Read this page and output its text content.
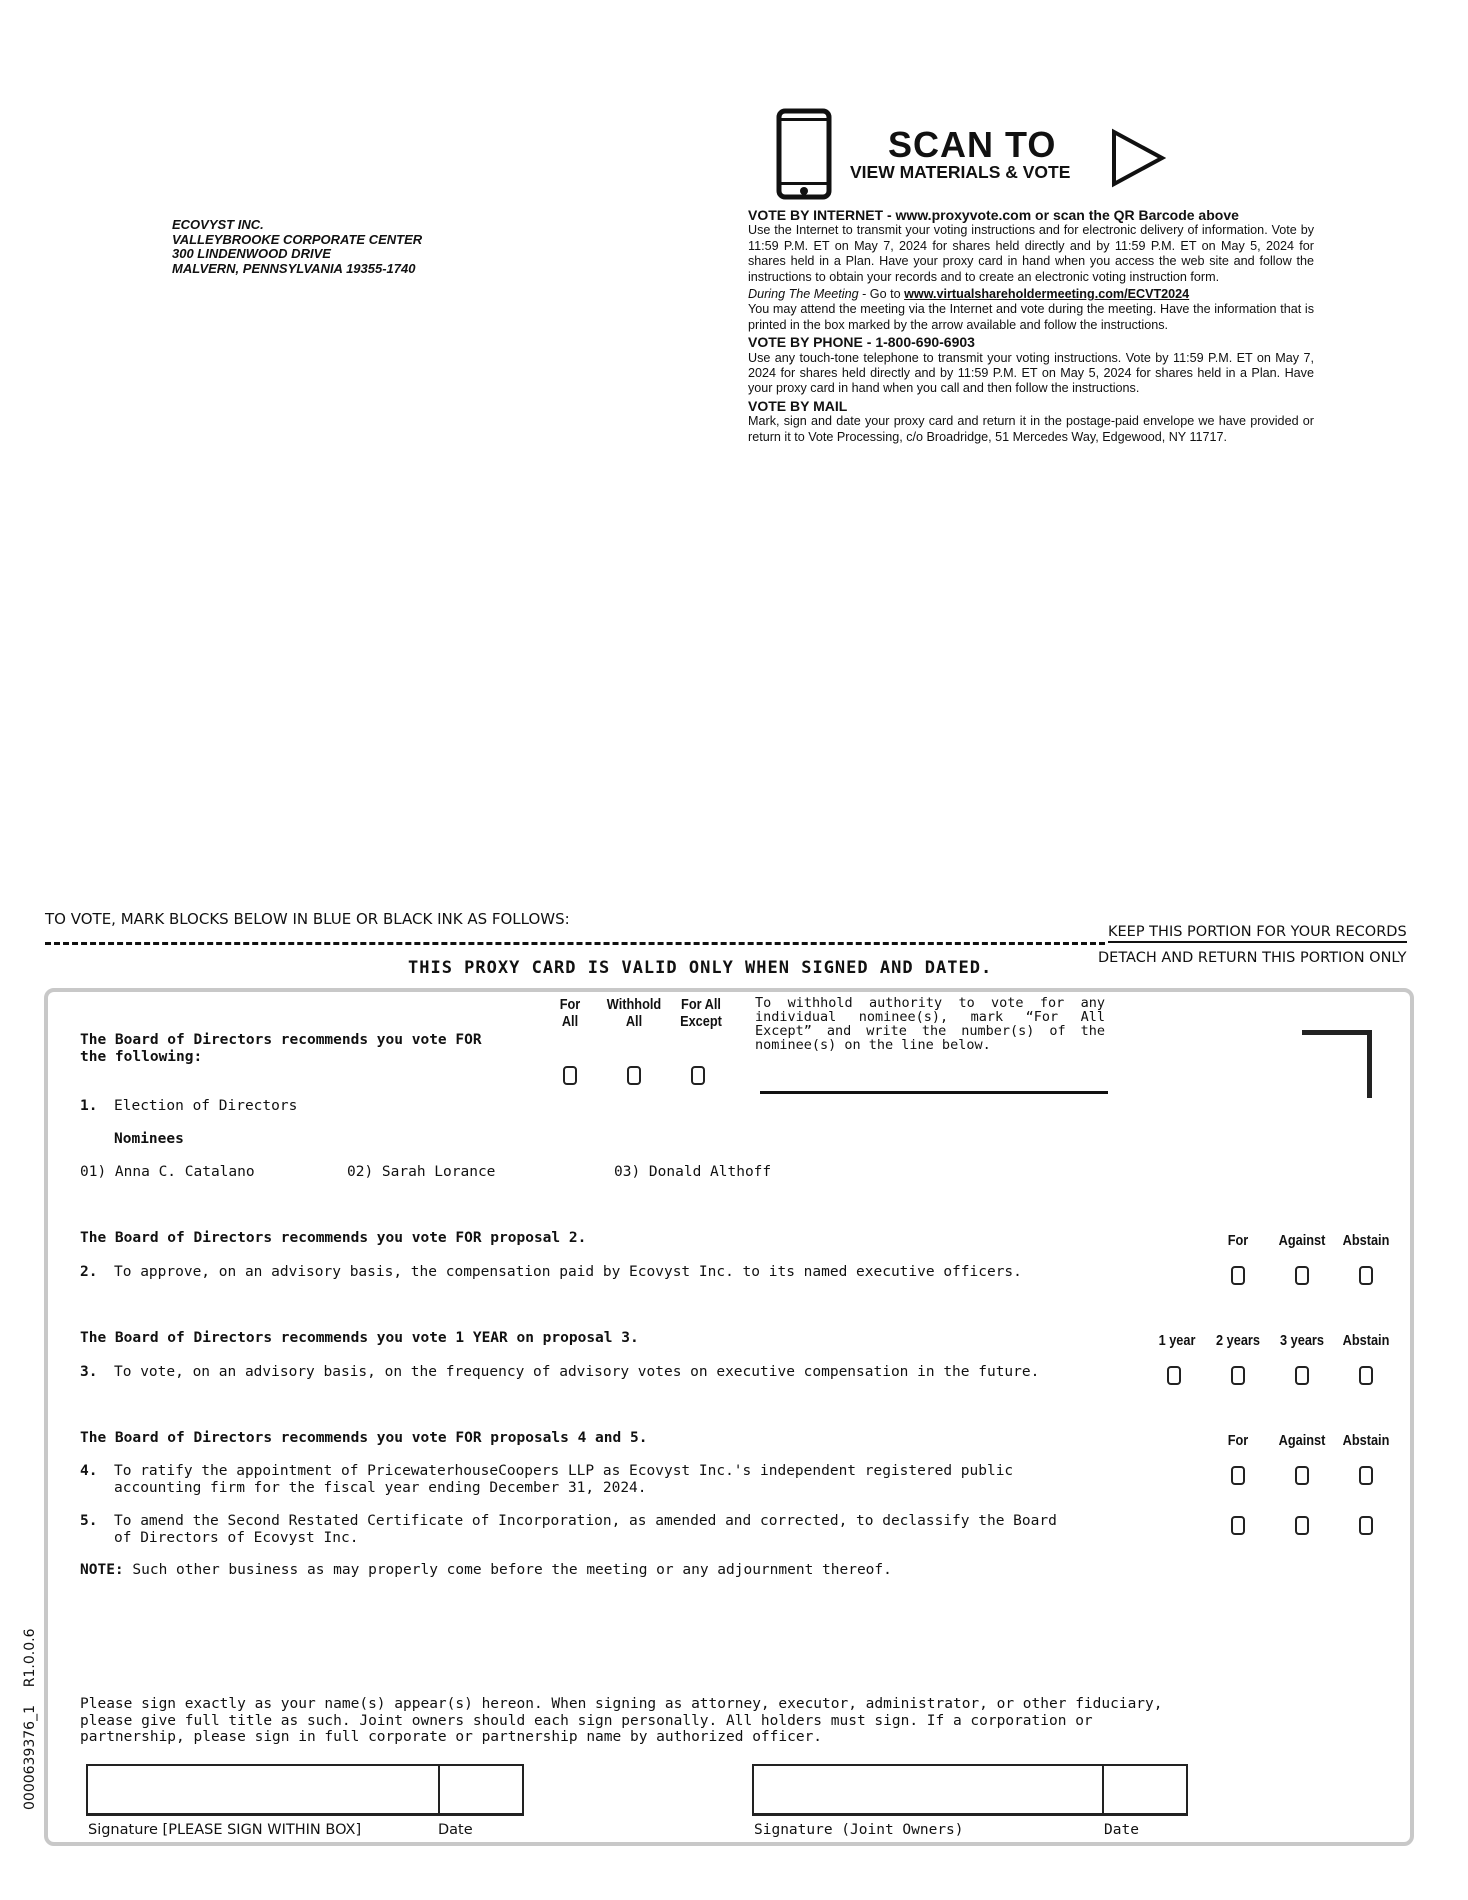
ECOVYST INC.
VALLEYBROOKE CORPORATE CENTER
300 LINDENWOOD DRIVE
MALVERN, PENNSYLVANIA 19355-1740
SCAN TO
VIEW MATERIALS & VOTE
VOTE BY INTERNET - www.proxyvote.com or scan the QR Barcode above

Use the Internet to transmit your voting instructions and for electronic delivery of information. Vote by 11:59 P.M. ET on May 7, 2024 for shares held directly and by 11:59 P.M. ET on May 5, 2024 for shares held in a Plan. Have your proxy card in hand when you access the web site and follow the instructions to obtain your records and to create an electronic voting instruction form.

During The Meeting - Go to www.virtualshareholdermeeting.com/ECVT2024

You may attend the meeting via the Internet and vote during the meeting. Have the information that is printed in the box marked by the arrow available and follow the instructions.

VOTE BY PHONE - 1-800-690-6903

Use any touch-tone telephone to transmit your voting instructions. Vote by 11:59 P.M. ET on May 7, 2024 for shares held directly and by 11:59 P.M. ET on May 5, 2024 for shares held in a Plan. Have your proxy card in hand when you call and then follow the instructions.

VOTE BY MAIL

Mark, sign and date your proxy card and return it in the postage-paid envelope we have provided or return it to Vote Processing, c/o Broadridge, 51 Mercedes Way, Edgewood, NY 11717.

TO VOTE, MARK BLOCKS BELOW IN BLUE OR BLACK INK AS FOLLOWS:
KEEP THIS PORTION FOR YOUR RECORDS
DETACH AND RETURN THIS PORTION ONLY
THIS PROXY CARD IS VALID ONLY WHEN SIGNED AND DATED.
The Board of Directors recommends you vote FOR the following:
For All
Withhold All
For All Except
To withhold authority to vote for any individual nominee(s), mark “For All Except” and write the number(s) of the nominee(s) on the line below.
1. Election of Directors
Nominees
01) Anna C. Catalano	02) Sarah Lorance	03) Donald Althoff
The Board of Directors recommends you vote FOR proposal 2.	For	Against Abstain
2. To approve, on an advisory basis, the compensation paid by Ecovyst Inc. to its named executive officers.
The Board of Directors recommends you vote 1 YEAR on proposal 3.	1 year	2 years	3 years	Abstain
3. To vote, on an advisory basis, on the frequency of advisory votes on executive compensation in the future.
The Board of Directors recommends you vote FOR proposals 4 and 5.	For	Against Abstain
4. To ratify the appointment of PricewaterhouseCoopers LLP as Ecovyst Inc.'s independent registered public
accounting firm for the fiscal year ending December 31, 2024.
5. To amend the Second Restated Certificate of Incorporation, as amended and corrected, to declassify the Board
of Directors of Ecovyst Inc.
NOTE: Such other business as may properly come before the meeting or any adjournment thereof.
Please sign exactly as your name(s) appear(s) hereon. When signing as attorney, executor, administrator, or other fiduciary,
please give full title as such. Joint owners should each sign personally. All holders must sign. If a corporation or
partnership, please sign in full corporate or partnership name by authorized officer.
Signature [PLEASE SIGN WITHIN BOX]	Date	Signature (Joint Owners)	Date
0000639376_1    R1.0.0.6
